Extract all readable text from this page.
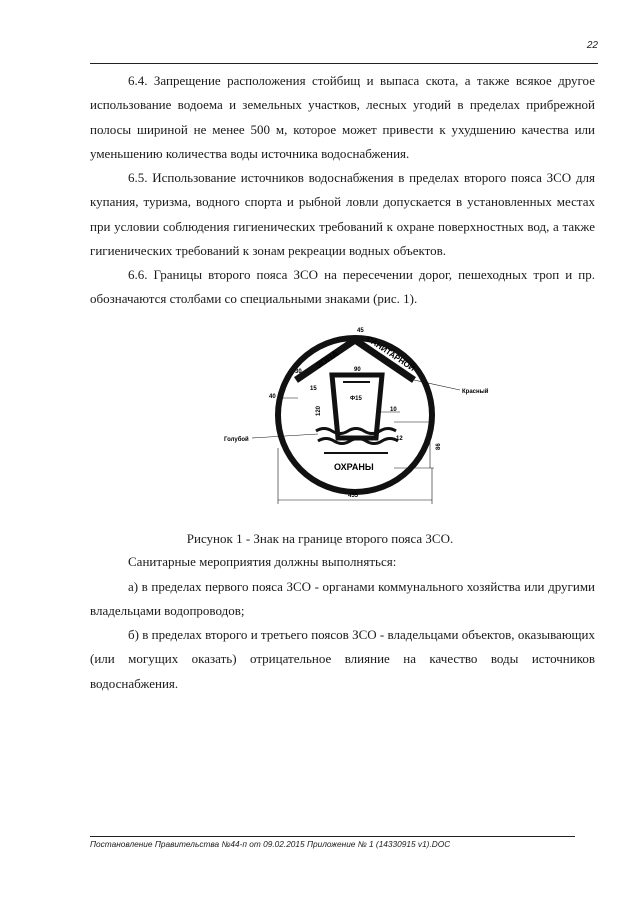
22

6.4. Запрещение расположения стойбищ и выпаса скота, а также всякое другое использование водоема и земельных участков, лесных угодий в пределах прибрежной полосы шириной не менее 500 м, которое может привести к ухудшению качества или уменьшению количества воды источника водоснабжения.

6.5. Использование источников водоснабжения в пределах второго пояса ЗСО для купания, туризма, водного спорта и рыбной ловли допускается в установленных местах при условии соблюдения гигиенических требований к охране поверхностных вод, а также гигиенических требований к зонам рекреации водных объектов.

6.6. Границы второго пояса ЗСО на пересечении дорог, пешеходных троп и пр. обозначаются столбами со специальными знаками (рис. 1).

ЗОНА	САНИТАРНОЙ
ОХРАНЫ
45
90
30
40
15
Ф15
120	10
12
86
455
Красный
Голубой

Рисунок 1 - Знак на границе второго пояса ЗСО.

Санитарные мероприятия должны выполняться:

а) в пределах первого пояса ЗСО - органами коммунального хозяйства или другими владельцами водопроводов;

б) в пределах второго и третьего поясов ЗСО - владельцами объектов, оказывающих (или могущих оказать) отрицательное влияние на качество воды источников водоснабжения.

Постановление Правительства №44-п от 09.02.2015 Приложение № 1 (14330915 v1).DOC
